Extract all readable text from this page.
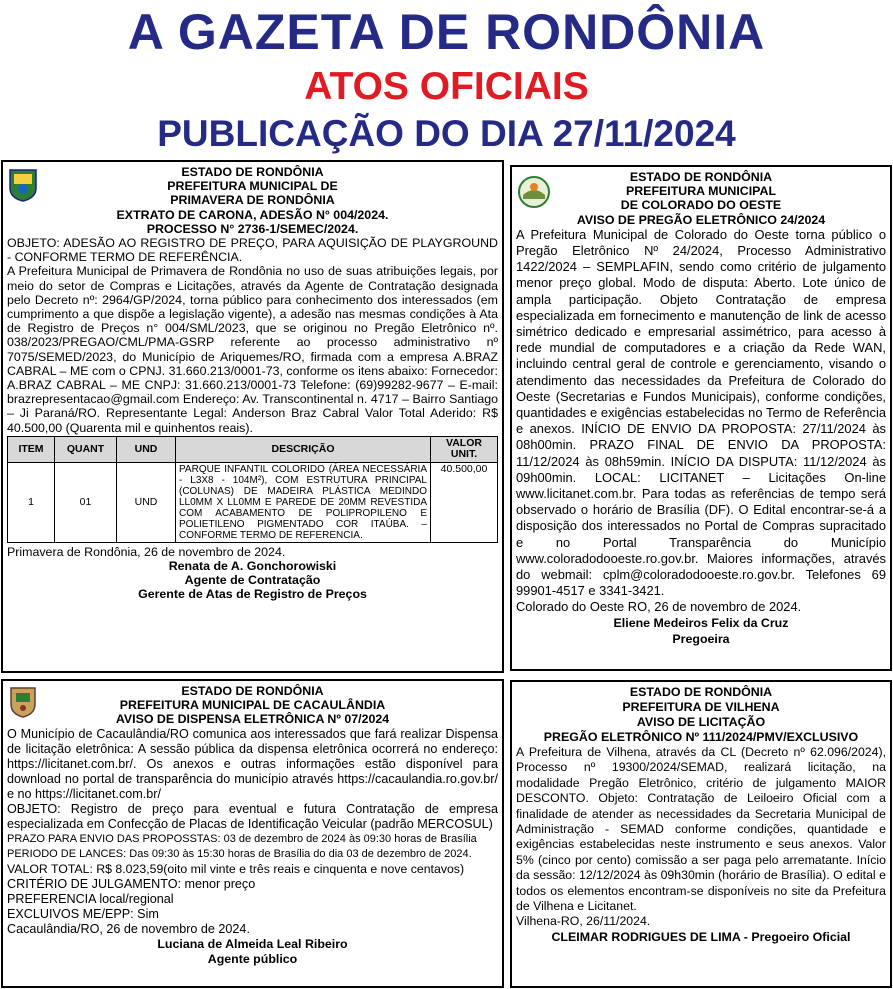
A GAZETA DE RONDÔNIA
ATOS OFICIAIS
PUBLICAÇÃO DO DIA 27/11/2024
ESTADO DE RONDÔNIA
PREFEITURA MUNICIPAL DE
PRIMAVERA DE RONDÔNIA
EXTRATO DE CARONA, ADESÃO N° 004/2024.
PROCESSO N° 2736-1/SEMEC/2024.
OBJETO: ADESÃO AO REGISTRO DE PREÇO, PARA AQUISIÇÃO DE PLAYGROUND - CONFORME TERMO DE REFERÊNCIA.
A Prefeitura Municipal de Primavera de Rondônia no uso de suas atribuições legais, por meio do setor de Compras e Licitações, através da Agente de Contratação designada pelo Decreto nº: 2964/GP/2024, torna público para conhecimento dos interessados (em cumprimento a que dispõe a legislação vigente), a adesão nas mesmas condições à Ata de Registro de Preços n° 004/SML/2023, que se originou no Pregão Eletrônico nº. 038/2023/PREGAO/CML/PMA-GSRP referente ao processo administrativo nº 7075/SEMED/2023, do Município de Ariquemes/RO, firmada com a empresa A.BRAZ CABRAL – ME com o CPNJ. 31.660.213/0001-73, conforme os itens abaixo: Fornecedor: A.BRAZ CABRAL – ME CNPJ: 31.660.213/0001-73 Telefone: (69)99282-9677 – E-mail: brazrepresentacao@gmail.com Endereço: Av. Transcontinental n. 4717 – Bairro Santiago – Ji Paraná/RO. Representante Legal: Anderson Braz Cabral Valor Total Aderido: R$ 40.500,00 (Quarenta mil e quinhentos reais).
ITEM	QUANT	UND	DESCRIÇÃO	VALOR UNIT.
1	01	UND	PARQUE INFANTIL COLORIDO (ÁREA NECESSÁRIA - L3X8 - 104M²), COM ESTRUTURA PRINCIPAL (COLUNAS) DE MADEIRA PLÁSTICA MEDINDO LL0MM X LL0MM E PAREDE DE 20MM REVESTIDA COM ACABAMENTO DE POLIPROPILENO E POLIETILENO PIGMENTADO COR ITAÚBA. – CONFORME TERMO DE REFERENCIA.	40.500,00
Primavera de Rondônia, 26 de novembro de 2024.
Renata de A. Gonchorowiski
Agente de Contratação
Gerente de Atas de Registro de Preços
ESTADO DE RONDÔNIA
PREFEITURA MUNICIPAL
DE COLORADO DO OESTE
AVISO DE PREGÃO ELETRÔNICO 24/2024
A Prefeitura Municipal de Colorado do Oeste torna público o Pregão Eletrônico Nº 24/2024, Processo Administrativo 1422/2024 – SEMPLAFIN, sendo como critério de julgamento menor preço global. Modo de disputa: Aberto. Lote único de ampla participação. Objeto Contratação de empresa especializada em fornecimento e manutenção de link de acesso simétrico dedicado e empresarial assimétrico, para acesso à rede mundial de computadores e a criação da Rede WAN, incluindo central geral de controle e gerenciamento, visando o atendimento das necessidades da Prefeitura de Colorado do Oeste (Secretarias e Fundos Municipais), conforme condições, quantidades e exigências estabelecidas no Termo de Referência e anexos. INÍCIO DE ENVIO DA PROPOSTA: 27/11/2024 às 08h00min. PRAZO FINAL DE ENVIO DA PROPOSTA: 11/12/2024 às 08h59min. INÍCIO DA DISPUTA: 11/12/2024 às 09h00min. LOCAL: LICITANET – Licitações On-line www.licitanet.com.br. Para todas as referências de tempo será observado o horário de Brasília (DF). O Edital encontrar-se-á a disposição dos interessados no Portal de Compras supracitado e no Portal Transparência do Município www.coloradodooeste.ro.gov.br. Maiores informações, através do webmail: cplm@coloradodooeste.ro.gov.br. Telefones 69 99901-4517 e 3341-3421.
Colorado do Oeste RO, 26 de novembro de 2024.
Eliene Medeiros Felix da Cruz
Pregoeira
ESTADO DE RONDÔNIA
PREFEITURA MUNICIPAL DE CACAULÂNDIA
AVISO DE DISPENSA ELETRÔNICA Nº 07/2024
O Município de Cacaulândia/RO comunica aos interessados que fará realizar Dispensa de licitação eletrônica: A sessão pública da dispensa eletrônica ocorrerá no endereço: https://licitanet.com.br/. Os anexos e outras informações estão disponível para download no portal de transparência do município através https://cacaulandia.ro.gov.br/ e no https://licitanet.com.br/
OBJETO: Registro de preço para eventual e futura Contratação de empresa especializada em Confecção de Placas de Identificação Veicular (padrão MERCOSUL)
PRAZO PARA ENVIO DAS PROPOSSTAS: 03 de dezembro de 2024 às 09:30 horas de Brasília
PERIODO DE LANCES: Das 09:30 às 15:30 horas de Brasília do dia 03 de dezembro de 2024.
VALOR TOTAL: R$ 8.023,59(oito mil vinte e três reais e cinquenta e nove centavos)
CRITÉRIO DE JULGAMENTO: menor preço
PREFERENCIA local/regional
EXCLUIVOS ME/EPP: Sim
Cacaulândia/RO, 26 de novembro de 2024.
Luciana de Almeida Leal Ribeiro
Agente público
ESTADO DE RONDÔNIA
PREFEITURA DE VILHENA
AVISO DE LICITAÇÃO
PREGÃO ELETRÔNICO Nº 111/2024/PMV/EXCLUSIVO
A Prefeitura de Vilhena, através da CL (Decreto nº 62.096/2024), Processo nº 19300/2024/SEMAD, realizará licitação, na modalidade Pregão Eletrônico, critério de julgamento MAIOR DESCONTO. Objeto: Contratação de Leiloeiro Oficial com a finalidade de atender as necessidades da Secretaria Municipal de Administração - SEMAD conforme condições, quantidade e exigências estabelecidas neste instrumento e seus anexos. Valor 5% (cinco por cento) comissão a ser paga pelo arrematante. Início da sessão: 12/12/2024 às 09h30min (horário de Brasília). O edital e todos os elementos encontram-se disponíveis no site da Prefeitura de Vilhena e Licitanet.
Vilhena-RO, 26/11/2024.
CLEIMAR RODRIGUES DE LIMA - Pregoeiro Oficial
